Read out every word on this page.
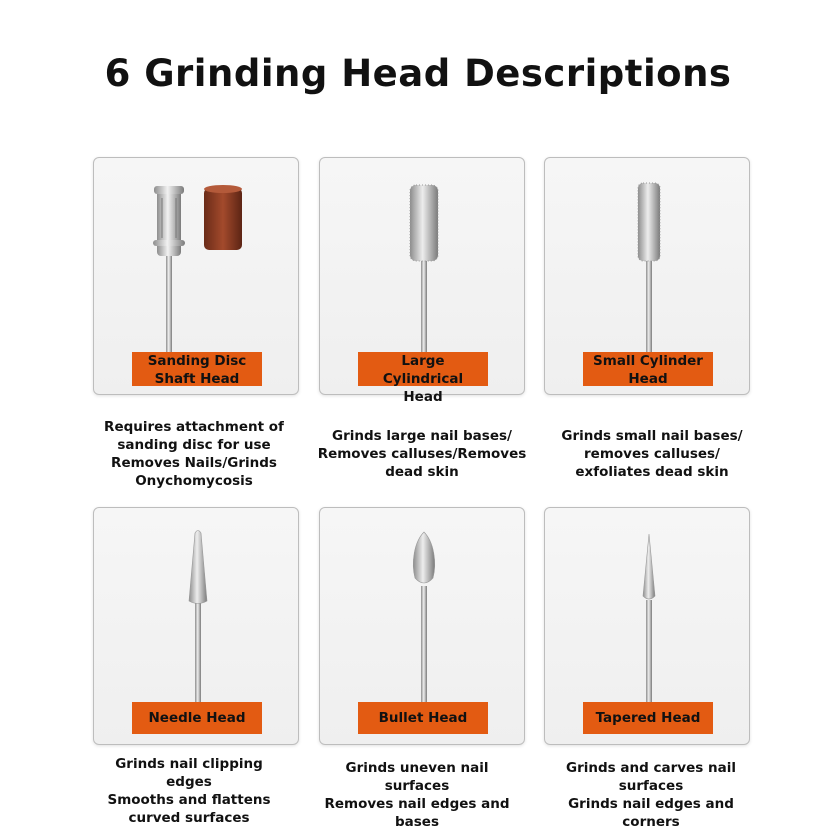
6 Grinding Head Descriptions
Sanding Disc
Shaft Head
Large Cylindrical
Head
Small Cylinder
Head
Requires attachment of
sanding disc for use
Removes Nails/Grinds
Onychomycosis
Grinds large nail bases/
Removes calluses/Removes
dead skin
Grinds small nail bases/
removes calluses/
exfoliates dead skin
Needle Head	Bullet Head	Tapered Head
Grinds nail clipping
edges
Smooths and flattens
curved surfaces
Grinds uneven nail
surfaces
Removes nail edges and
bases
Grinds and carves nail
surfaces
Grinds nail edges and
corners
